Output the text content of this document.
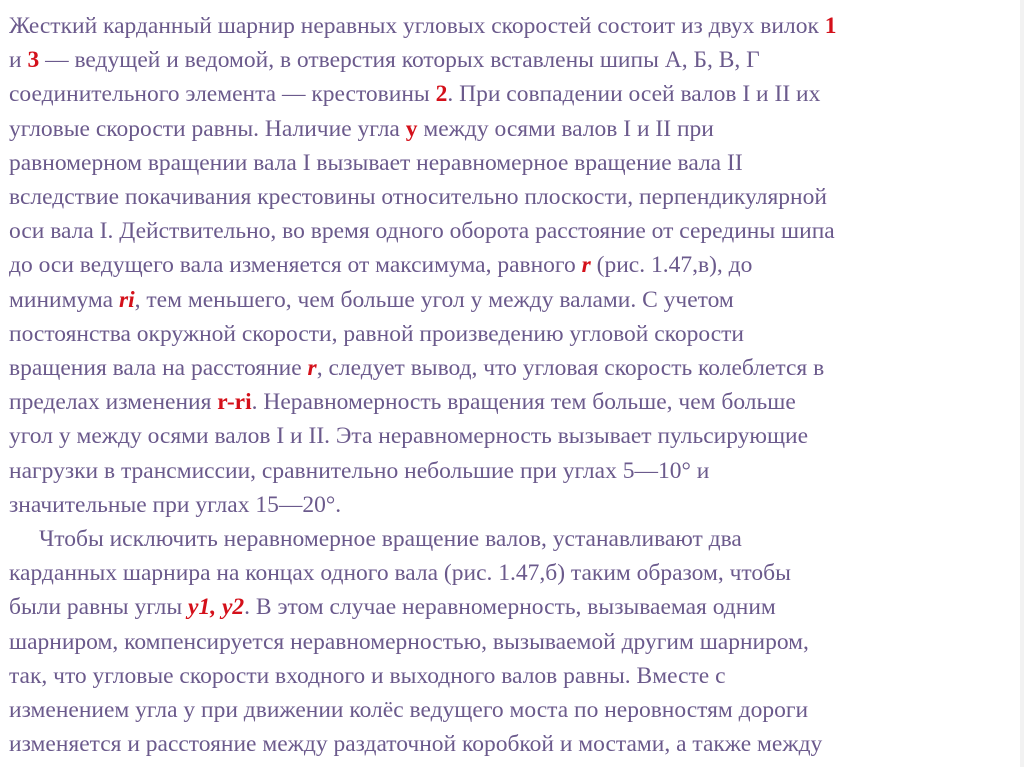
Жесткий карданный шарнир неравных угловых скоростей состоит из двух вилок 1
и 3 — ведущей и ведомой, в отверстия которых вставлены шипы А, Б, В, Г
соединительного элемента — крестовины 2. При совпадении осей валов I и II их
угловые скорости равны. Наличие угла у между осями валов I и II при
равномерном вращении вала I вызывает неравномерное вращение вала II
вследствие покачивания крестовины относительно плоскости, перпендикулярной
оси вала I. Действительно, во время одного оборота расстояние от середины шипа
до оси ведущего вала изменяется от максимума, равного r (рис. 1.47,в), до
минимума ri, тем меньшего, чем больше угол у между валами. С учетом
постоянства окружной скорости, равной произведению угловой скорости
вращения вала на расстояние r, следует вывод, что угловая скорость колеблется в
пределах изменения r-ri. Неравномерность вращения тем больше, чем больше
угол у между осями валов I и II. Эта неравномерность вызывает пульсирующие
нагрузки в трансмиссии, сравнительно небольшие при углах 5—10° и
значительные при углах 15—20°.

Чтобы исключить неравномерное вращение валов, устанавливают два
карданных шарнира на концах одного вала (рис. 1.47,б) таким образом, чтобы
были равны углы у1, у2. В этом случае неравномерность, вызываемая одним
шарниром, компенсируется неравномерностью, вызываемой другим шарниром,
так, что угловые скорости входного и выходного валов равны. Вместе с
изменением угла у при движении колёс ведущего моста по неровностям дороги
изменяется и расстояние между раздаточной коробкой и мостами, а также между
